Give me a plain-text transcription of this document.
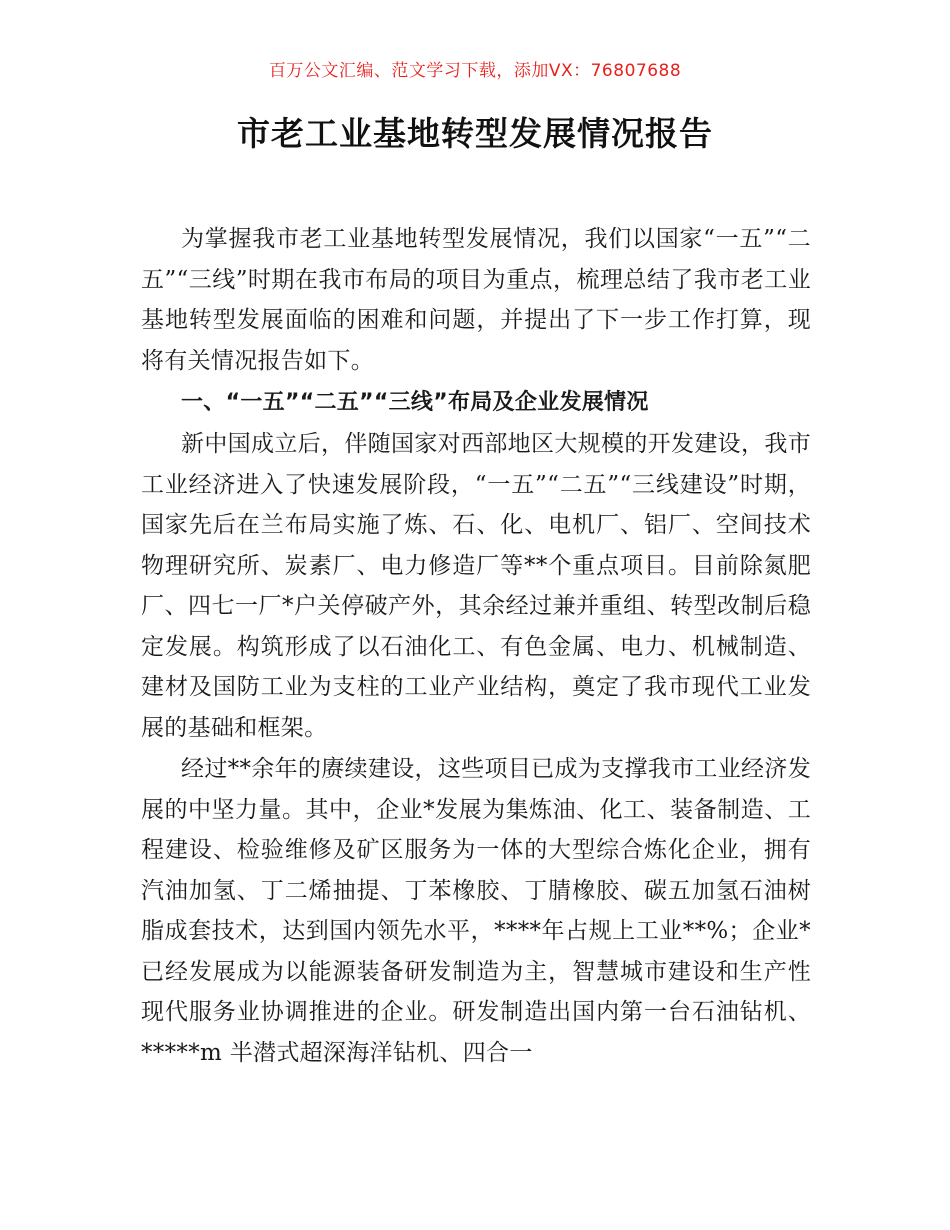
百万公文汇编、范文学习下载，添加VX：76807688
市老工业基地转型发展情况报告

为掌握我市老工业基地转型发展情况，我们以国家“一五”“二五”“三线”时期在我市布局的项目为重点，梳理总结了我市老工业基地转型发展面临的困难和问题，并提出了下一步工作打算，现将有关情况报告如下。

一、“一五”“二五”“三线”布局及企业发展情况

新中国成立后，伴随国家对西部地区大规模的开发建设，我市工业经济进入了快速发展阶段，“一五”“二五”“三线建设”时期，国家先后在兰布局实施了炼、石、化、电机厂、铝厂、空间技术物理研究所、炭素厂、电力修造厂等**个重点项目。目前除氮肥厂、四七一厂*户关停破产外，其余经过兼并重组、转型改制后稳定发展。构筑形成了以石油化工、有色金属、电力、机械制造、建材及国防工业为支柱的工业产业结构，奠定了我市现代工业发展的基础和框架。

经过**余年的赓续建设，这些项目已成为支撑我市工业经济发展的中坚力量。其中，企业*发展为集炼油、化工、装备制造、工程建设、检验维修及矿区服务为一体的大型综合炼化企业，拥有汽油加氢、丁二烯抽提、丁苯橡胶、丁腈橡胶、碳五加氢石油树脂成套技术，达到国内领先水平，****年占规上工业**%；企业*已经发展成为以能源装备研发制造为主，智慧城市建设和生产性现代服务业协调推进的企业。研发制造出国内第一台石油钻机、*****m 半潜式超深海洋钻机、四合一
